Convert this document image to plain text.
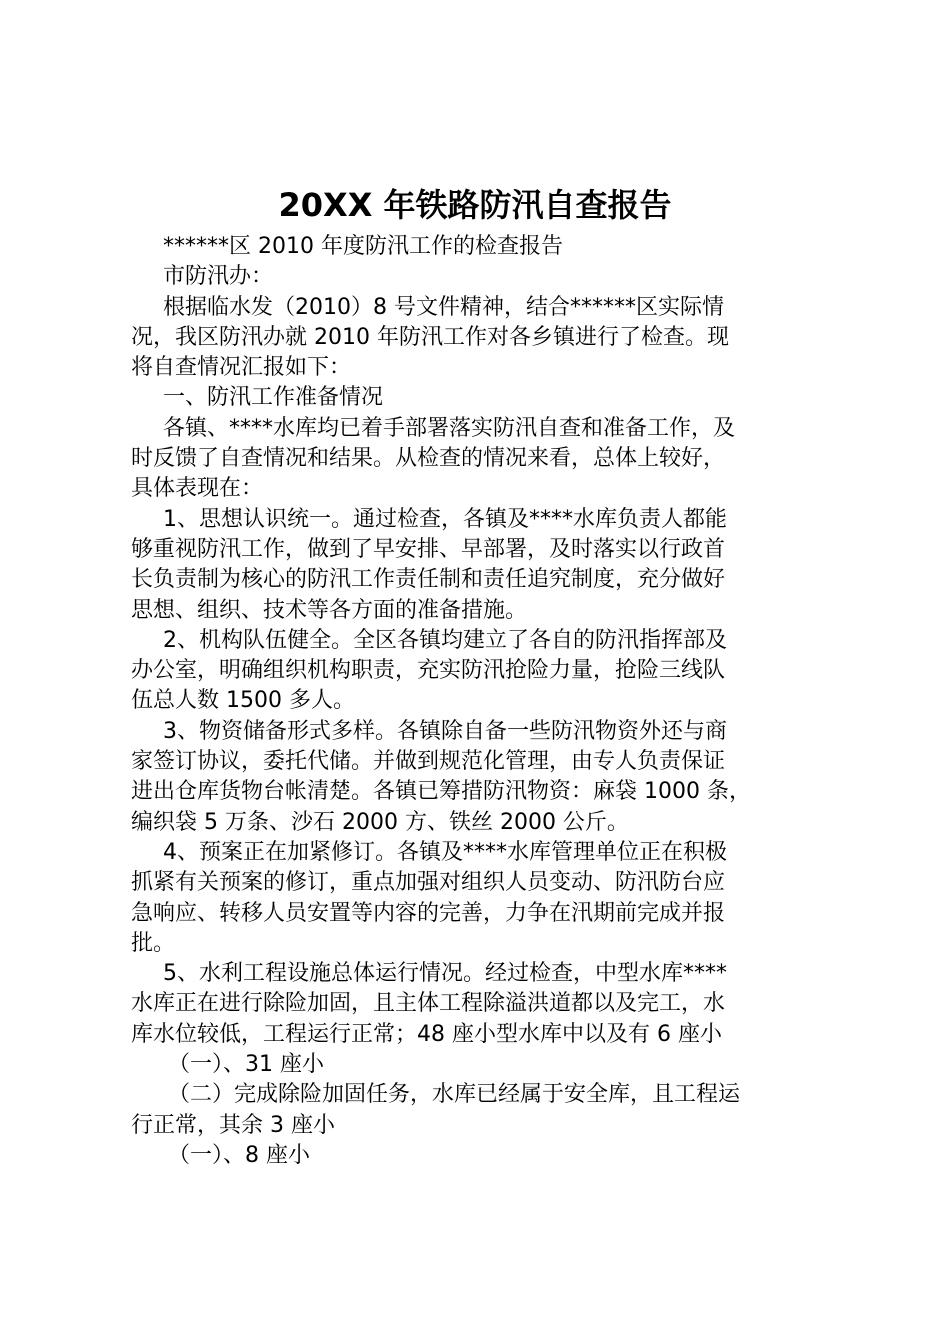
20XX 年铁路防汛自查报告

******区 2010 年度防汛工作的检查报告

市防汛办：

根据临水发（2010）8 号文件精神，结合******区实际情

况，我区防汛办就 2010 年防汛工作对各乡镇进行了检查。现

将自查情况汇报如下：

一、防汛工作准备情况

各镇、****水库均已着手部署落实防汛自查和准备工作，及

时反馈了自查情况和结果。从检查的情况来看，总体上较好，

具体表现在：

1、思想认识统一。通过检查，各镇及****水库负责人都能

够重视防汛工作，做到了早安排、早部署，及时落实以行政首

长负责制为核心的防汛工作责任制和责任追究制度，充分做好

思想、组织、技术等各方面的准备措施。

2、机构队伍健全。全区各镇均建立了各自的防汛指挥部及

办公室，明确组织机构职责，充实防汛抢险力量，抢险三线队

伍总人数 1500 多人。

3、物资储备形式多样。各镇除自备一些防汛物资外还与商

家签订协议，委托代储。并做到规范化管理，由专人负责保证

进出仓库货物台帐清楚。各镇已筹措防汛物资：麻袋 1000 条，

编织袋 5 万条、沙石 2000 方、铁丝 2000 公斤。

4、预案正在加紧修订。各镇及****水库管理单位正在积极

抓紧有关预案的修订，重点加强对组织人员变动、防汛防台应

急响应、转移人员安置等内容的完善，力争在汛期前完成并报

批。

5、水利工程设施总体运行情况。经过检查，中型水库****

水库正在进行除险加固，且主体工程除溢洪道都以及完工，水

库水位较低，工程运行正常；48 座小型水库中以及有 6 座小

（一）、31 座小

（二）完成除险加固任务，水库已经属于安全库，且工程运

行正常，其余 3 座小

（一）、8 座小
